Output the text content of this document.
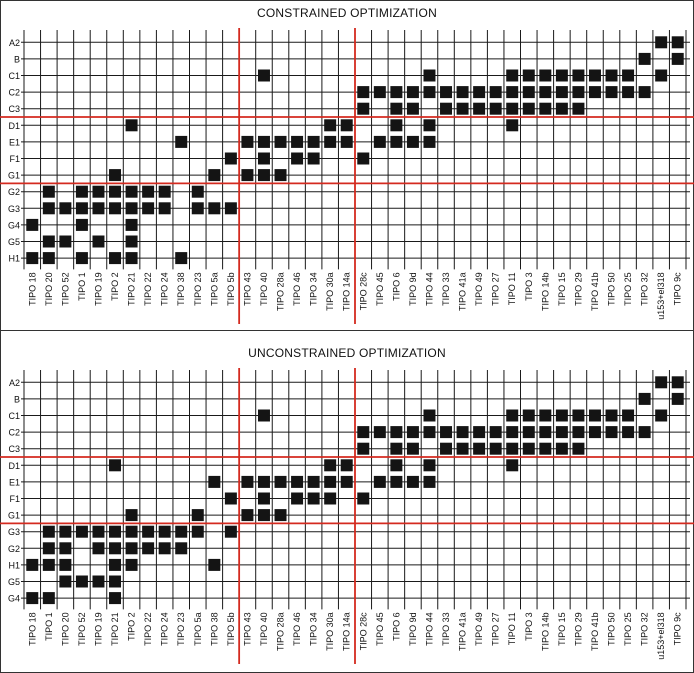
CONSTRAINED OPTIMIZATION
A2
B
C1
C2
C3
D1
E1
F1
G1
G2
G3
G4
G5
H1
TIPO 18 TIPO 20 TIPO 52 TIPO 1 TIPO 19 TIPO 2 TIPO 21 TIPO 22 TIPO 24 TIPO 38 TIPO 23 TIPO 5a TIPO 5b TIPO 43 TIPO 40 TIPO 28a TIPO 46 TIPO 34 TIPO 30a TIPO 14a TIPO 28c TIPO 45 TIPO 6 TIPO 9d TIPO 44 TIPO 33 TIPO 41a TIPO 49 TIPO 27 TIPO 11 TIPO 3 TIPO 14b TIPO 15 TIPO 29 TIPO 41b TIPO 50 TIPO 25 TIPO 32 u153+el318 TIPO 9c
UNCONSTRAINED OPTIMIZATION
A2
B
C1
C2
C3
D1
E1
F1
G1
G3
G2
H1
G5
G4
TIPO 18 TIPO 1 TIPO 20 TIPO 52 TIPO 19 TIPO 21 TIPO 2 TIPO 22 TIPO 24 TIPO 23 TIPO 5a TIPO 38 TIPO 5b TIPO 43 TIPO 40 TIPO 28a TIPO 46 TIPO 34 TIPO 30a TIPO 14a TIPO 28c TIPO 45 TIPO 6 TIPO 9d TIPO 44 TIPO 33 TIPO 41a TIPO 49 TIPO 27 TIPO 11 TIPO 3 TIPO 14b TIPO 15 TIPO 29 TIPO 41b TIPO 50 TIPO 25 TIPO 32 u153+el318 TIPO 9c
